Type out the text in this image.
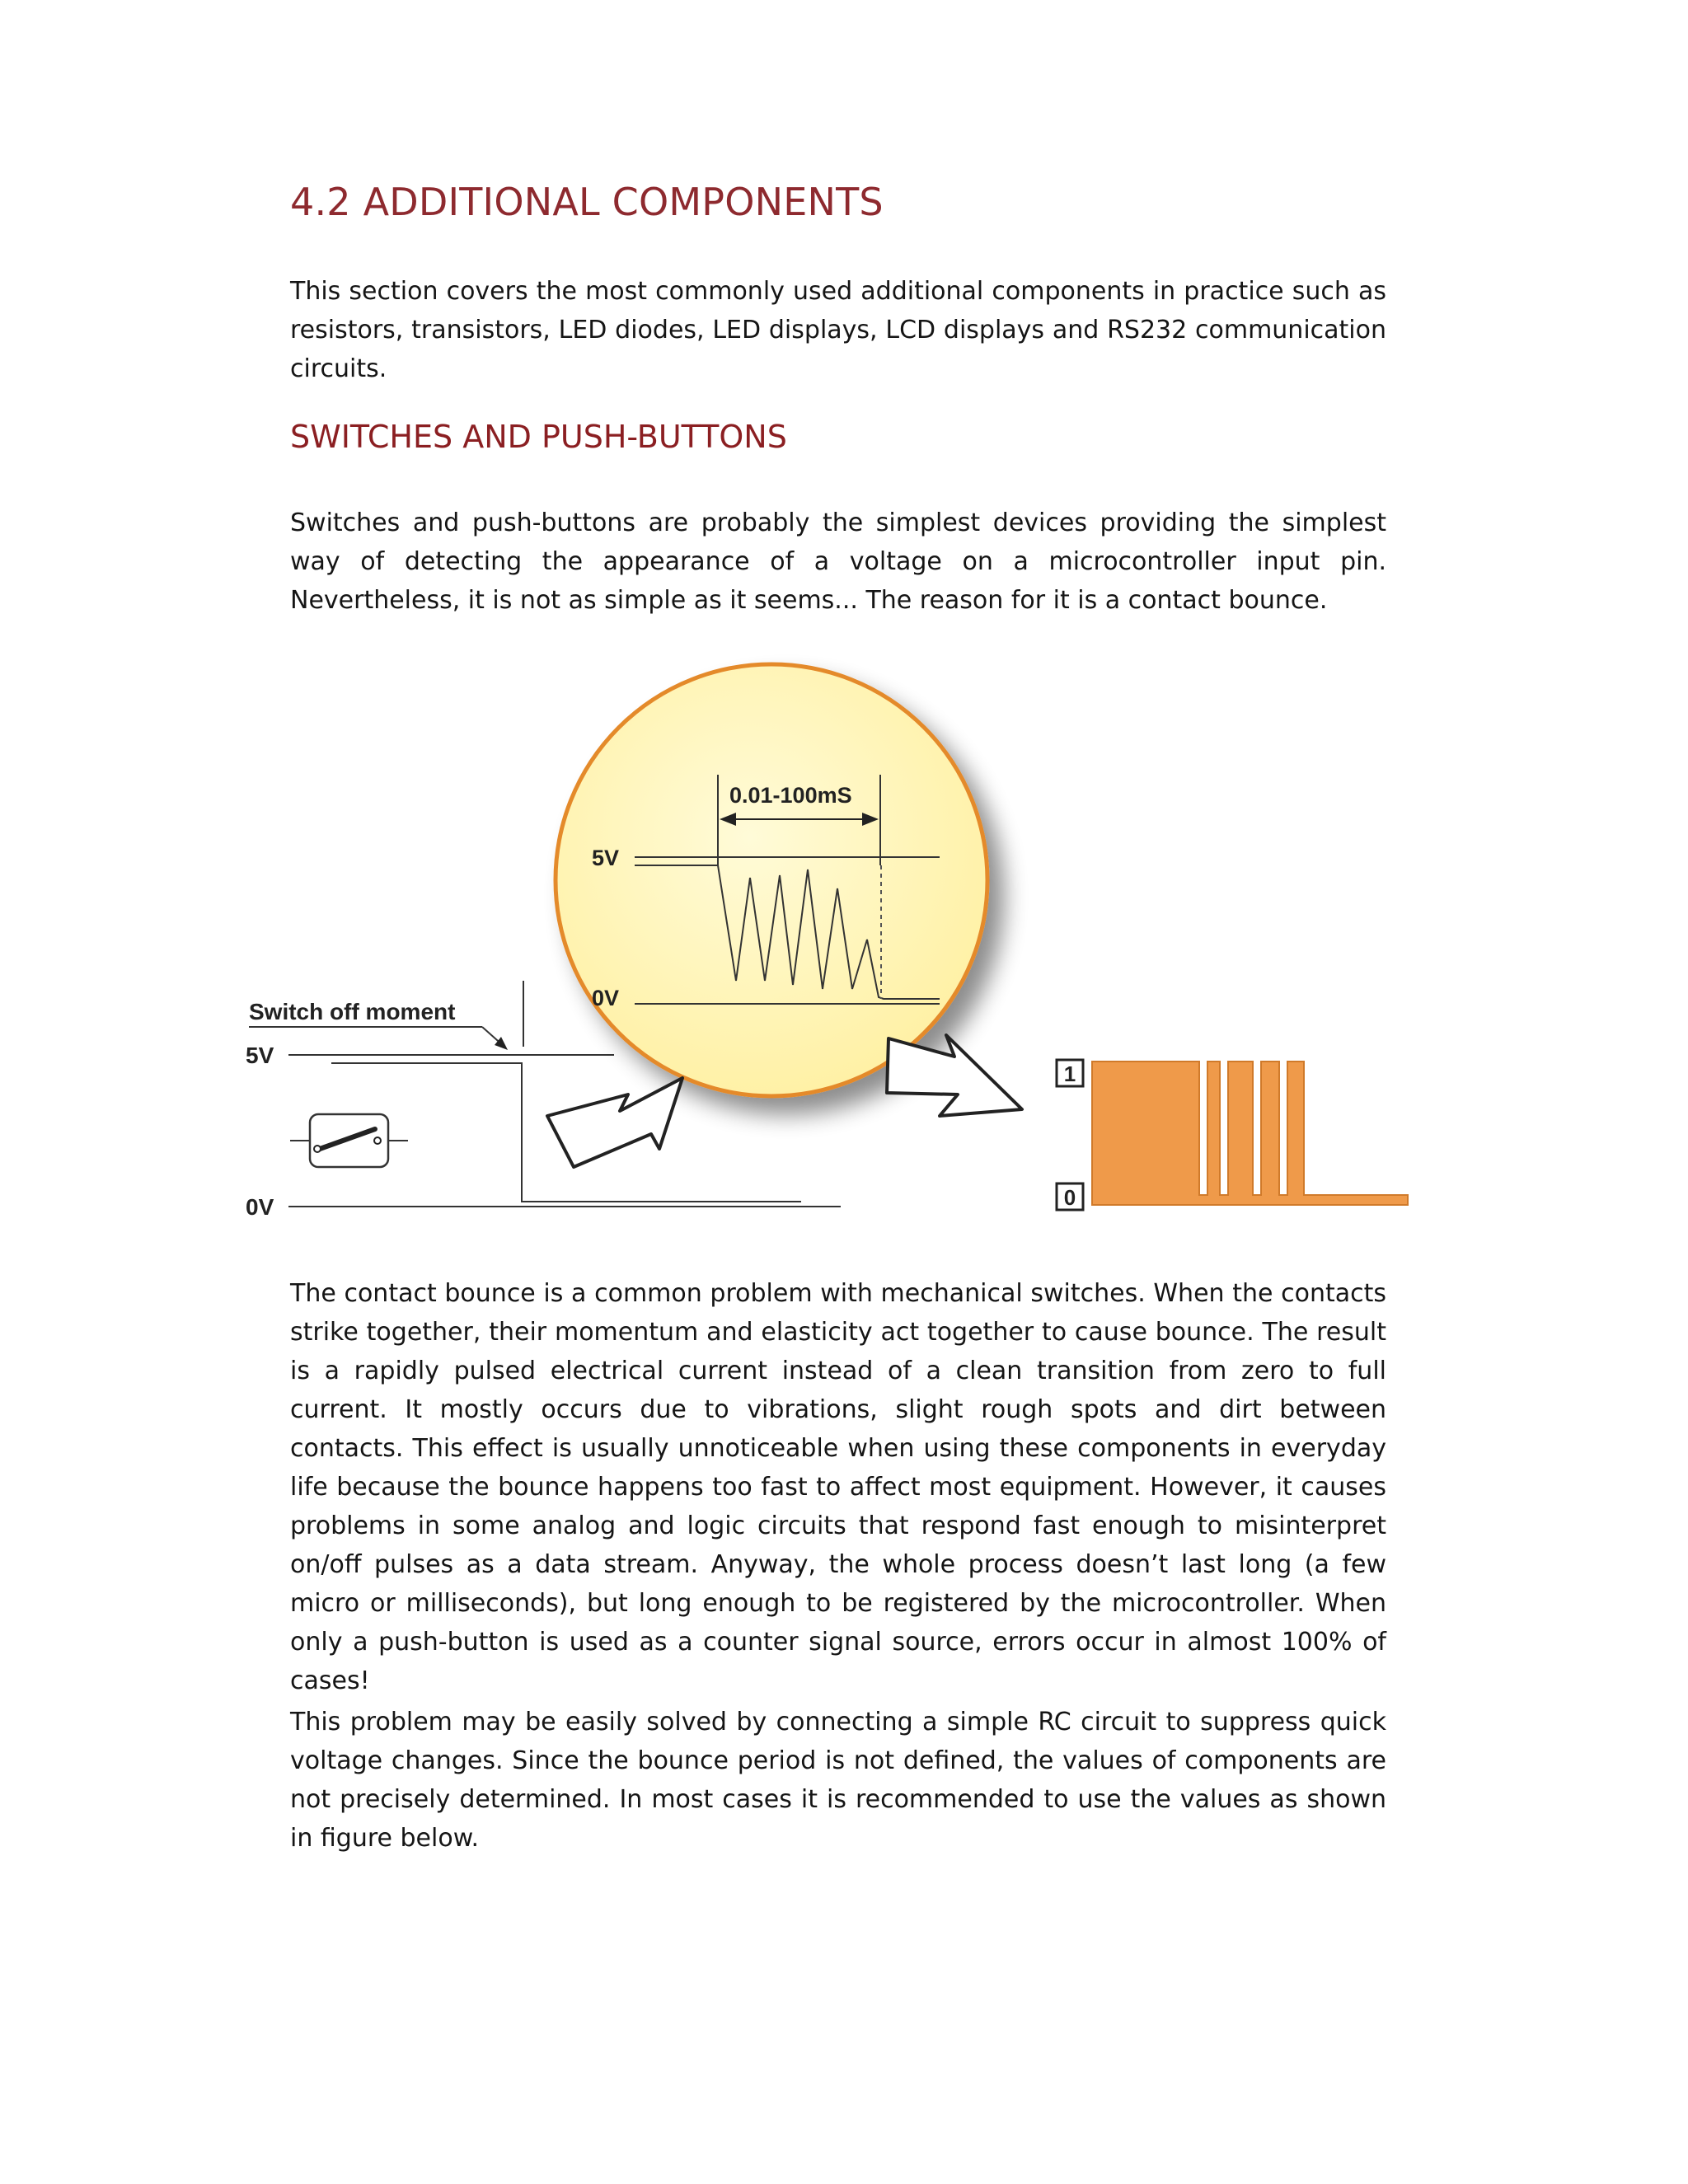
4.2 ADDITIONAL COMPONENTS

This section covers the most commonly used additional components in practice such as resistors, transistors, LED diodes, LED displays, LCD displays and RS232 communication circuits.

SWITCHES AND PUSH-BUTTONS

Switches and push-buttons are probably the simplest devices providing the simplest way of detecting the appearance of a voltage on a microcontroller input pin. Nevertheless, it is not as simple as it seems... The reason for it is a contact bounce.

Switch off moment
5V
0V
5V
0V
0.01-100mS
1
0

The contact bounce is a common problem with mechanical switches. When the contacts strike together, their momentum and elasticity act together to cause bounce. The result is a rapidly pulsed electrical current instead of a clean transition from zero to full current. It mostly occurs due to vibrations, slight rough spots and dirt between contacts. This effect is usually unnoticeable when using these components in everyday life because the bounce happens too fast to affect most equipment. However, it causes problems in some analog and logic circuits that respond fast enough to misinterpret on/off pulses as a data stream. Anyway, the whole process doesn’t last long (a few micro or milliseconds), but long enough to be registered by the microcontroller. When only a push-button is used as a counter signal source, errors occur in almost 100% of cases!

This problem may be easily solved by connecting a simple RC circuit to suppress quick voltage changes. Since the bounce period is not defined, the values of components are not precisely determined. In most cases it is recommended to use the values as shown in figure below.
